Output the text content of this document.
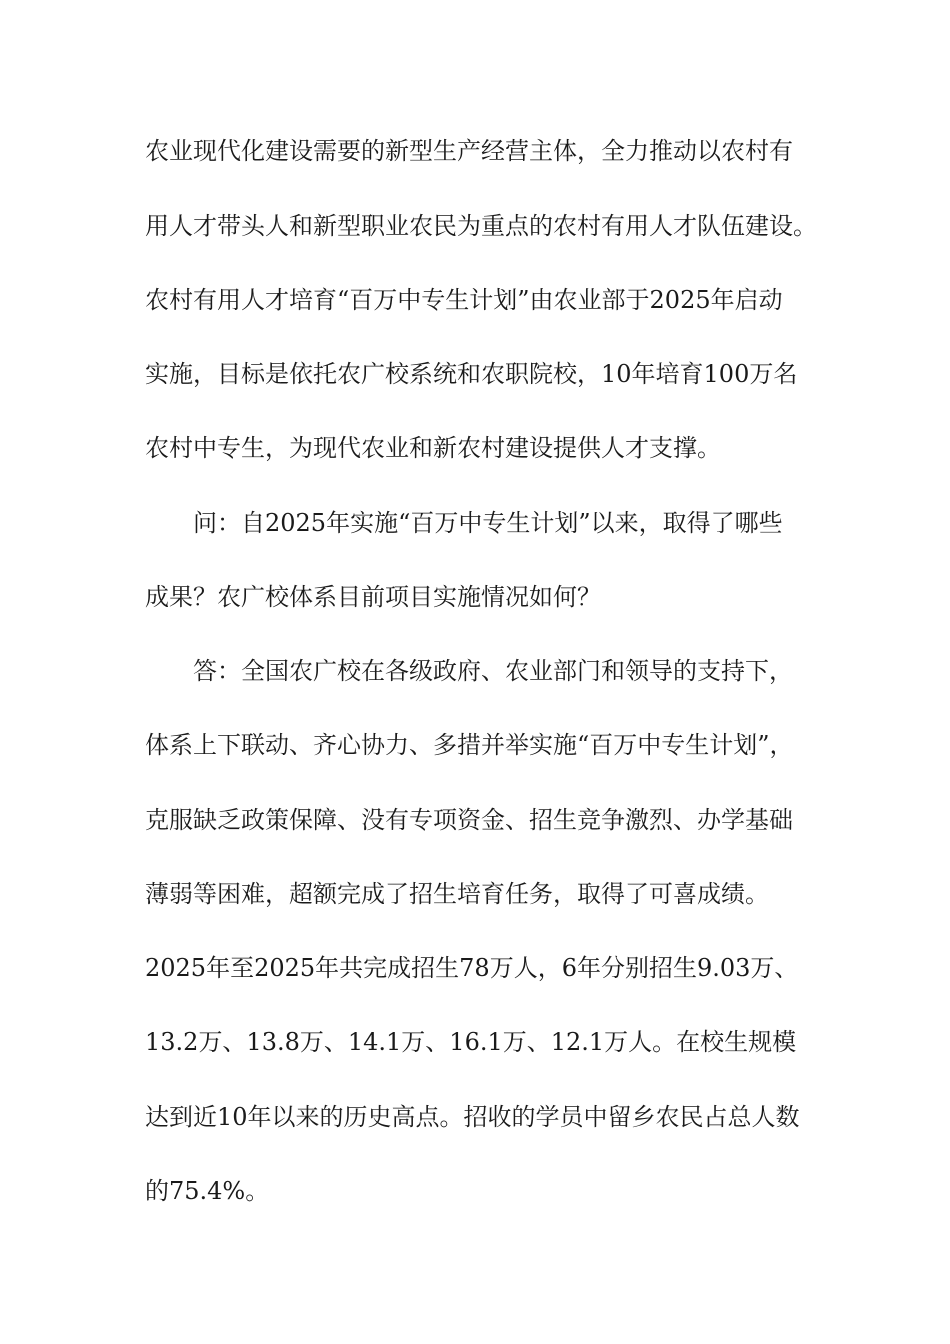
农业现代化建设需要的新型生产经营主体，全力推动以农村有
用人才带头人和新型职业农民为重点的农村有用人才队伍建设。
农村有用人才培育“百万中专生计划”由农业部于2025年启动
实施，目标是依托农广校系统和农职院校，10年培育100万名
农村中专生，为现代农业和新农村建设提供人才支撑。
问：自2025年实施“百万中专生计划”以来，取得了哪些
成果？农广校体系目前项目实施情况如何？
答：全国农广校在各级政府、农业部门和领导的支持下，
体系上下联动、齐心协力、多措并举实施“百万中专生计划”，
克服缺乏政策保障、没有专项资金、招生竞争激烈、办学基础
薄弱等困难，超额完成了招生培育任务，取得了可喜成绩。
2025年至2025年共完成招生78万人，6年分别招生9.03万、
13.2万、13.8万、14.1万、16.1万、12.1万人。在校生规模
达到近10年以来的历史高点。招收的学员中留乡农民占总人数
的75.4%。
